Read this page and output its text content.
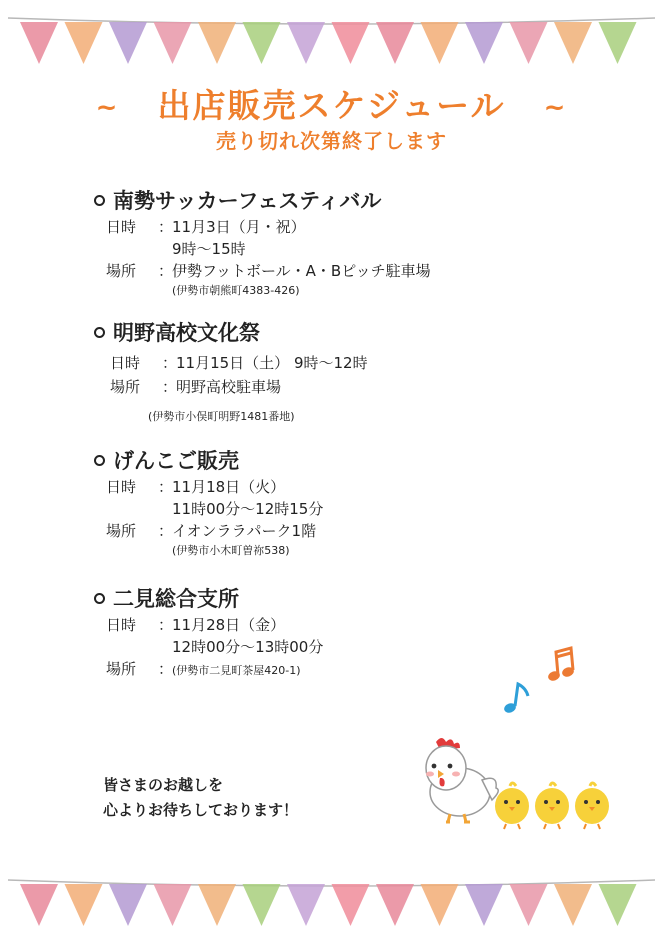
~ 出店販売スケジュール ~
売り切れ次第終了します
南勢サッカーフェスティバル
日時 ：11月3日（月・祝）
9時～15時
場所 ：伊勢フットボール・A・Bピッチ駐車場
(伊勢市朝熊町4383-426)
明野高校文化祭
日時 ：11月15日（土） 9時～12時
場所 ：明野高校駐車場
(伊勢市小俣町明野1481番地)
げんこご販売
日時 ：11月18日（火）
11時00分～12時15分
場所 ：イオンララパーク1階
(伊勢市小木町曽祢538)
二見総合支所
日時 ：11月28日（金）
12時00分～13時00分
場所 ：(伊勢市二見町茶屋420-1)
皆さまのお越しを
心よりお待ちしております！
